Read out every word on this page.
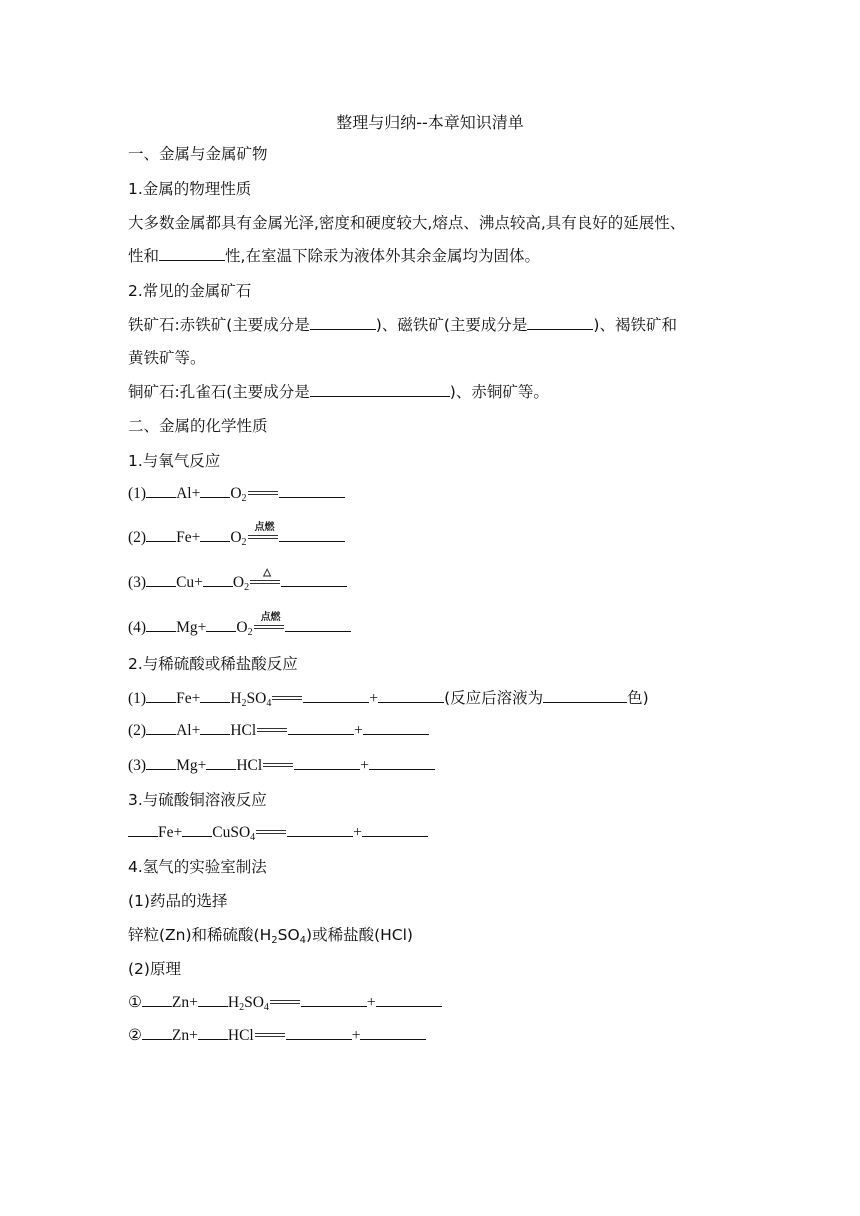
整理与归纳--本章知识清单
一、金属与金属矿物
1.金属的物理性质
大多数金属都具有金属光泽,密度和硬度较大,熔点、沸点较高,具有良好的延展性、
性和	性,在室温下除汞为液体外其余金属均为固体。
2.常见的金属矿石
铁矿石:赤铁矿(主要成分是	)、磁铁矿(主要成分是	)、褐铁矿和
黄铁矿等。
铜矿石:孔雀石(主要成分是	)、赤铜矿等。
二、金属的化学性质
1.与氧气反应
(1) $Al+ O_2$
(2) $Fe+ O_2$
点燃
(3) $Cu+ O_2$
△
(4) $Mg+ O_2$
点燃
2.与稀硫酸或稀盐酸反应
(1) $Fe+ H_2SO_4$	+	(反应后溶液为	色)
(2) Al+ HCl	+
(3) Mg+ HCl	+
3.与硫酸铜溶液反应
Fe+ CuSO$_4$	+
4.氢气的实验室制法
(1)药品的选择
锌粒(Zn)和稀硫酸$(H_2SO_4)$或稀盐酸(HCl)
(2)原理
① $Zn+ H_2SO_4$	+
② Zn+ HCl	+
